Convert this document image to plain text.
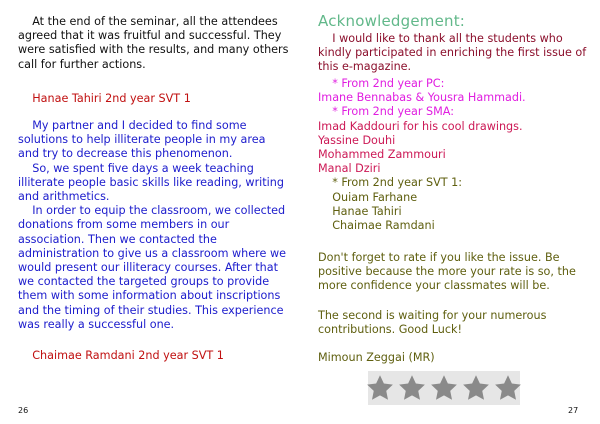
At the end of the seminar, all the attendees
agreed that it was fruitful and successful. They
were satisfied with the results, and many others
call for further actions.
Hanae Tahiri 2nd year SVT 1
My partner and I decided to find some
solutions to help illiterate people in my area
and try to decrease this phenomenon.
So, we spent five days a week teaching
illiterate people basic skills like reading, writing
and arithmetics.
In order to equip the classroom, we collected
donations from some members in our
association. Then we contacted the
administration to give us a classroom where we
would present our illiteracy courses. After that
we contacted the targeted groups to provide
them with some information about inscriptions
and the timing of their studies. This experience
was really a successful one.
Chaimae Ramdani 2nd year SVT 1
26
Acknowledgement:
I would like to thank all the students who
kindly participated in enriching the first issue of
this e-magazine.
* From 2nd year PC:
Imane Bennabas & Yousra Hammadi.
* From 2nd year SMA:
Imad Kaddouri for his cool drawings.
Yassine Douhi
Mohammed Zammouri
Manal Dziri
* From 2nd year SVT 1:
Ouiam Farhane
Hanae Tahiri
Chaimae Ramdani
Don't forget to rate if you like the issue. Be
positive because the more your rate is so, the
more confidence your classmates will be.
The second is waiting for your numerous
contributions. Good Luck!
Mimoun Zeggai (MR)
27
